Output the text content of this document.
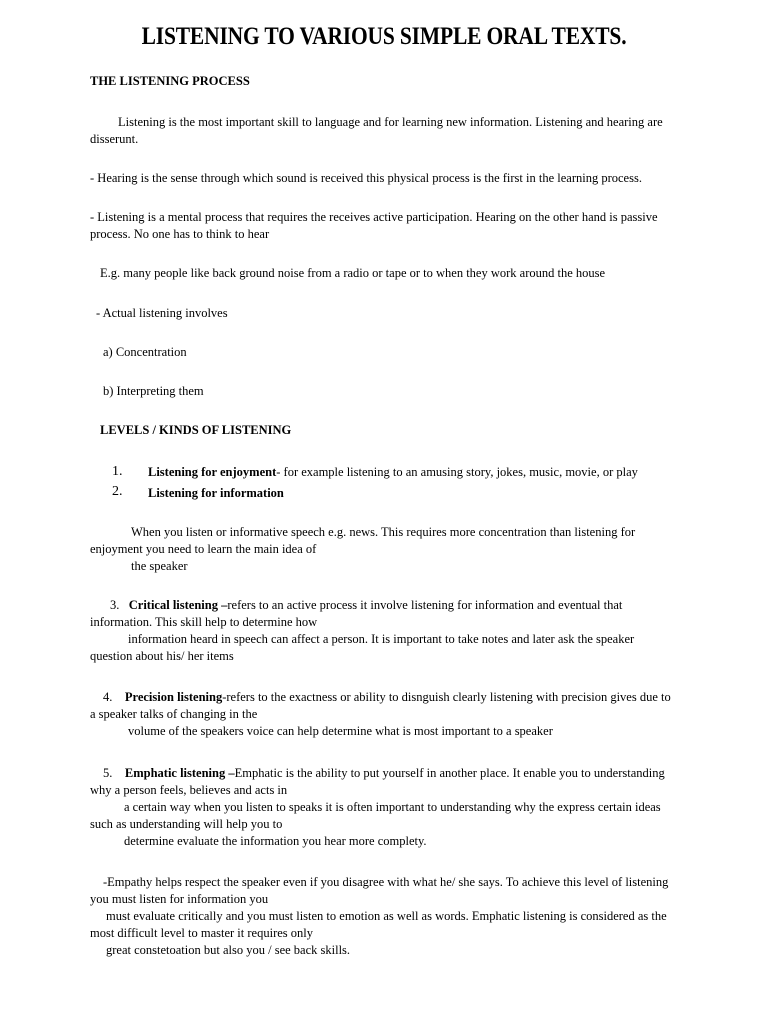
LISTENING TO VARIOUS SIMPLE ORAL TEXTS.
THE LISTENING PROCESS
Listening is the most important skill to language and for learning new information. Listening and hearing are disserunt.
- Hearing is the sense through which sound is received this physical process is the first in the learning process.
- Listening is a mental process that requires the receives active participation. Hearing on the other hand is passive process. No one has to think to hear
E.g. many people like back ground noise from a radio or tape or to when they work around the house
- Actual listening involves
a) Concentration
b) Interpreting them
LEVELS / KINDS OF LISTENING
1.	Listening for enjoyment- for example listening to an amusing story, jokes, music, movie, or play
2.	Listening for information
When you listen or informative speech e.g. news. This requires more concentration than listening for
enjoyment you need to learn the main idea of
the speaker
3. Critical listening –refers to an active process it involve listening for information and eventual that
information. This skill help to determine how
information heard in speech can affect a person. It is important to take notes and later ask the speaker
question about his/ her items
4. Precision listening-refers to the exactness or ability to disnguish clearly listening with precision gives due to
a speaker talks of changing in the
volume of the speakers voice can help determine what is most important to a speaker
5. Emphatic listening –Emphatic is the ability to put yourself in another place. It enable you to understanding
why a person feels, believes and acts in
a certain way when you listen to speaks it is often important to understanding why the express certain ideas
such as understanding will help you to
determine evaluate the information you hear more complety.
-Empathy helps respect the speaker even if you disagree with what he/ she says. To achieve this level of listening
you must listen for information you
must evaluate critically and you must listen to emotion as well as words. Emphatic listening is considered as the
most difficult level to master it requires only
great constetoation but also you / see back skills.
